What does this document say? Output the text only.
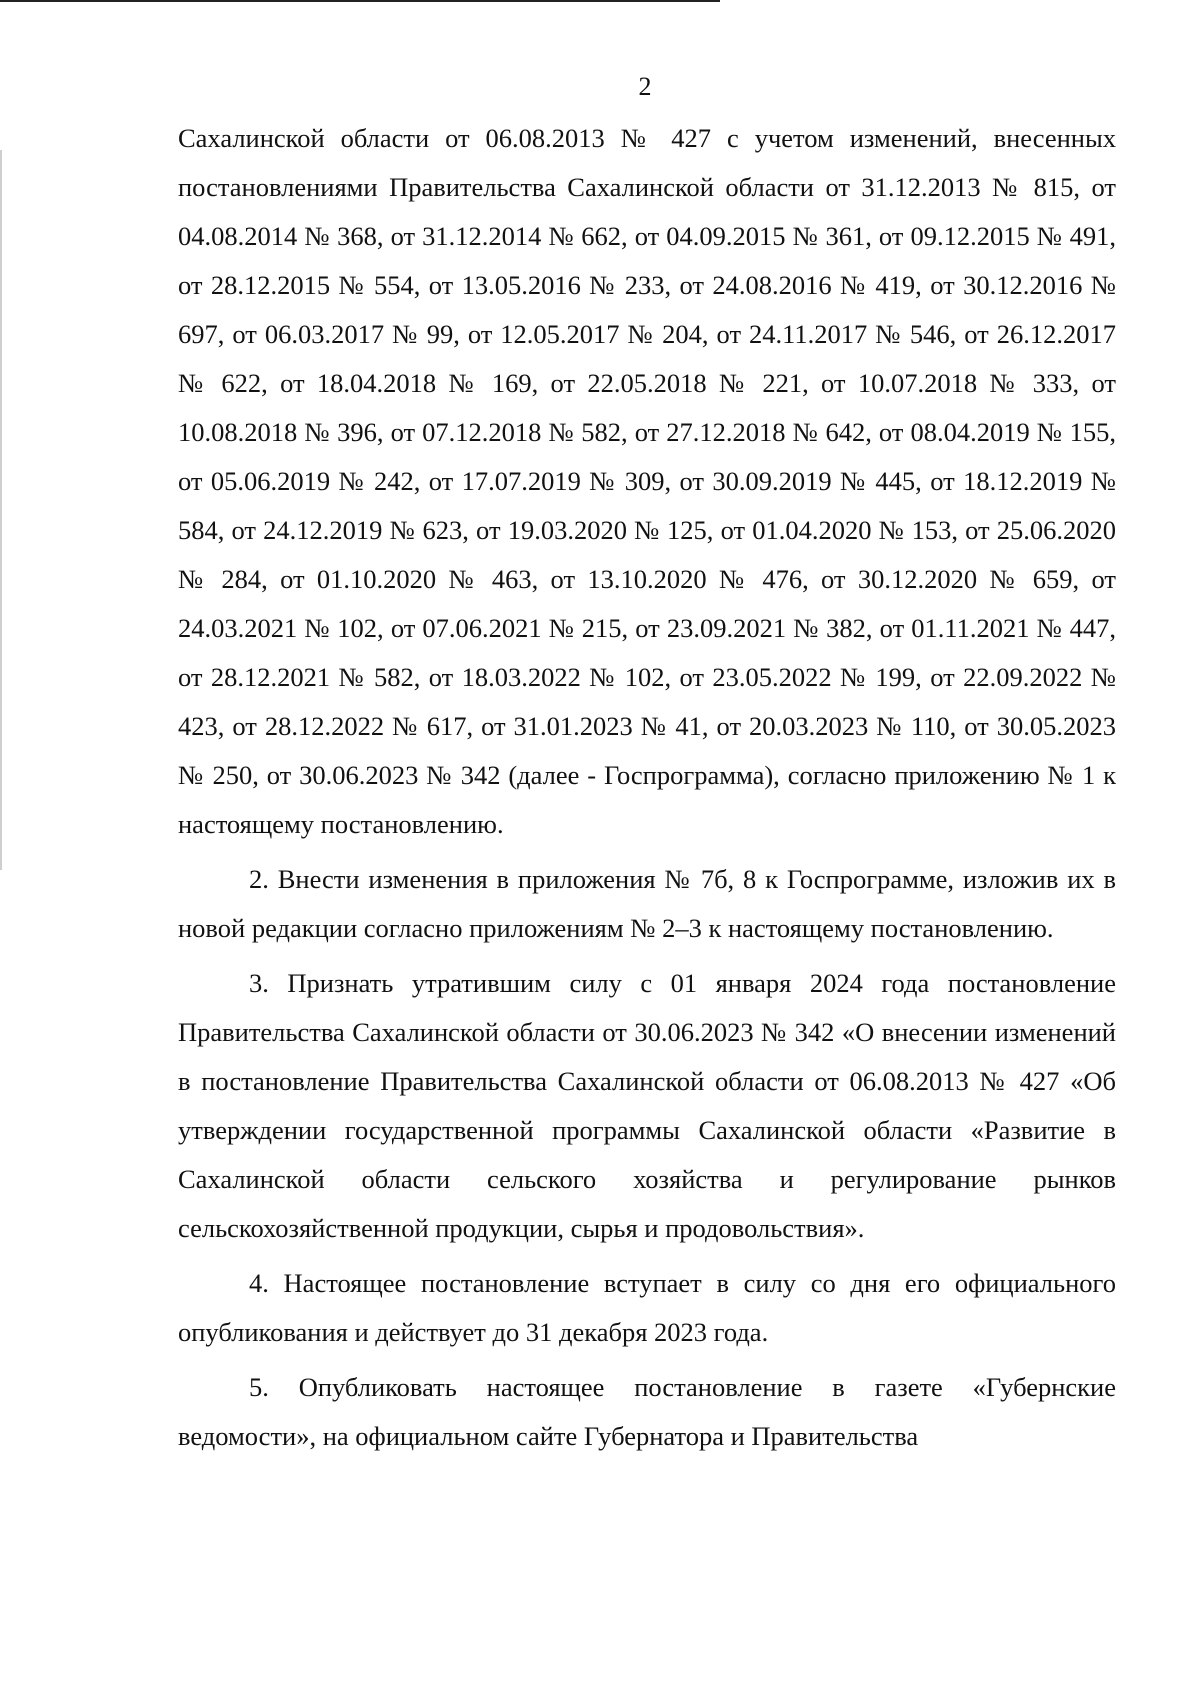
2

Сахалинской области от 06.08.2013 № 427 с учетом изменений, внесенных постановлениями Правительства Сахалинской области от 31.12.2013 № 815, от 04.08.2014 № 368, от 31.12.2014 № 662, от 04.09.2015 № 361, от 09.12.2015 № 491, от 28.12.2015 № 554, от 13.05.2016 № 233, от 24.08.2016 № 419, от 30.12.2016 № 697, от 06.03.2017 № 99, от 12.05.2017 № 204, от 24.11.2017 № 546, от 26.12.2017 № 622, от 18.04.2018 № 169, от 22.05.2018 № 221, от 10.07.2018 № 333, от 10.08.2018 № 396, от 07.12.2018 № 582, от 27.12.2018 № 642, от 08.04.2019 № 155, от 05.06.2019 № 242, от 17.07.2019 № 309, от 30.09.2019 № 445, от 18.12.2019 № 584, от 24.12.2019 № 623, от 19.03.2020 № 125, от 01.04.2020 № 153, от 25.06.2020 № 284, от 01.10.2020 № 463, от 13.10.2020 № 476, от 30.12.2020 № 659, от 24.03.2021 № 102, от 07.06.2021 № 215, от 23.09.2021 № 382, от 01.11.2021 № 447, от 28.12.2021 № 582, от 18.03.2022 № 102, от 23.05.2022 № 199, от 22.09.2022 № 423, от 28.12.2022 № 617, от 31.01.2023 № 41, от 20.03.2023 № 110, от 30.05.2023 № 250, от 30.06.2023 № 342 (далее - Госпрограмма), согласно приложению № 1 к настоящему постановлению.

2. Внести изменения в приложения № 7б, 8 к Госпрограмме, изложив их в новой редакции согласно приложениям № 2–3 к настоящему постановлению.

3. Признать утратившим силу с 01 января 2024 года постановление Правительства Сахалинской области от 30.06.2023 № 342 «О внесении изменений в постановление Правительства Сахалинской области от 06.08.2013 № 427 «Об утверждении государственной программы Сахалинской области «Развитие в Сахалинской области сельского хозяйства и регулирование рынков сельскохозяйственной продукции, сырья и продовольствия».

4. Настоящее постановление вступает в силу со дня его официального опубликования и действует до 31 декабря 2023 года.

5. Опубликовать настоящее постановление в газете «Губернские ведомости», на официальном сайте Губернатора и Правительства
